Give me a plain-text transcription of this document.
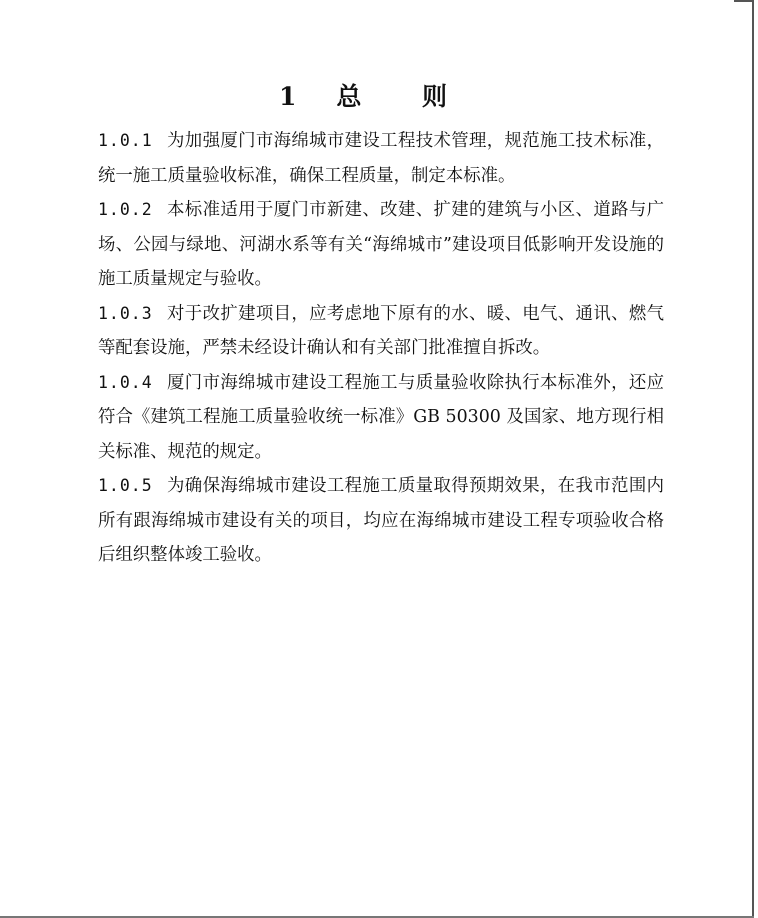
1 总 则

1.0.1 为加强厦门市海绵城市建设工程技术管理，规范施工技术标准，统一施工质量验收标准，确保工程质量，制定本标准。

1.0.2 本标准适用于厦门市新建、改建、扩建的建筑与小区、道路与广场、公园与绿地、河湖水系等有关“海绵城市”建设项目低影响开发设施的施工质量规定与验收。

1.0.3 对于改扩建项目，应考虑地下原有的水、暖、电气、通讯、燃气等配套设施，严禁未经设计确认和有关部门批准擅自拆改。

1.0.4 厦门市海绵城市建设工程施工与质量验收除执行本标准外，还应符合《建筑工程施工质量验收统一标准》GB 50300 及国家、地方现行相关标准、规范的规定。

1.0.5 为确保海绵城市建设工程施工质量取得预期效果，在我市范围内所有跟海绵城市建设有关的项目，均应在海绵城市建设工程专项验收合格后组织整体竣工验收。
